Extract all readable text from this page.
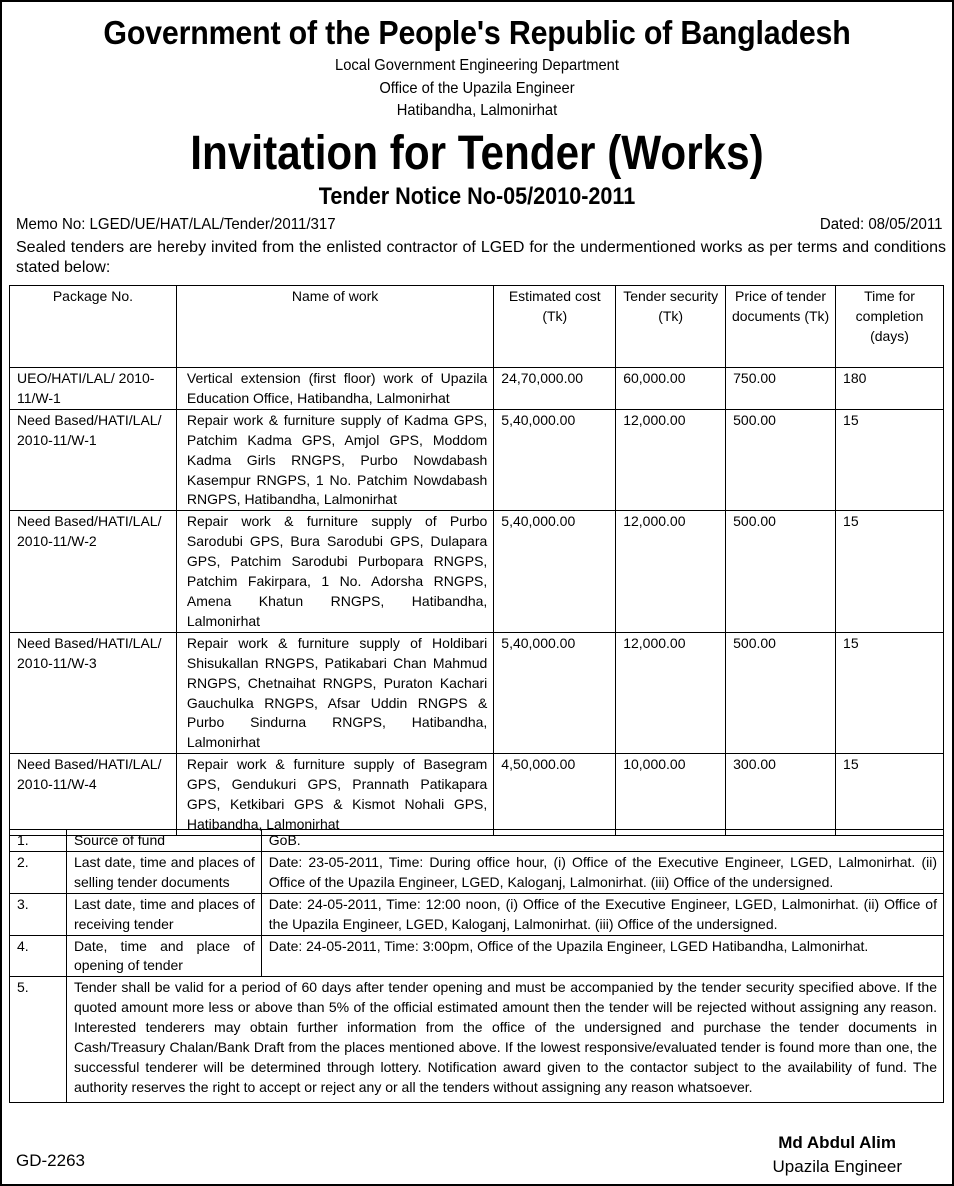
Government of the People's Republic of Bangladesh
Local Government Engineering Department
Office of the Upazila Engineer
Hatibandha, Lalmonirhat
Invitation for Tender (Works)
Tender Notice No-05/2010-2011
Memo No: LGED/UE/HAT/LAL/Tender/2011/317	Dated: 08/05/2011
Sealed tenders are hereby invited from the enlisted contractor of LGED for the undermentioned works as per terms and conditions stated below:
Package No.	Name of work	Estimated cost (Tk)	Tender security (Tk)	Price of tender documents (Tk)	Time for completion (days)
UEO/HATI/LAL/ 2010-11/W-1	Vertical extension (first floor) work of Upazila Education Office, Hatibandha, Lalmonirhat	24,70,000.00	60,000.00	750.00	180
Need Based/HATI/LAL/ 2010-11/W-1	Repair work & furniture supply of Kadma GPS, Patchim Kadma GPS, Amjol GPS, Moddom Kadma Girls RNGPS, Purbo Nowdabash Kasempur RNGPS, 1 No. Patchim Nowdabash RNGPS, Hatibandha, Lalmonirhat	5,40,000.00	12,000.00	500.00	15
Need Based/HATI/LAL/ 2010-11/W-2	Repair work & furniture supply of Purbo Sarodubi GPS, Bura Sarodubi GPS, Dulapara GPS, Patchim Sarodubi Purbopara RNGPS, Patchim Fakirpara, 1 No. Adorsha RNGPS, Amena Khatun RNGPS, Hatibandha, Lalmonirhat	5,40,000.00	12,000.00	500.00	15
Need Based/HATI/LAL/ 2010-11/W-3	Repair work & furniture supply of Holdibari Shisukallan RNGPS, Patikabari Chan Mahmud RNGPS, Chetnaihat RNGPS, Puraton Kachari Gauchulka RNGPS, Afsar Uddin RNGPS & Purbo Sindurna RNGPS, Hatibandha, Lalmonirhat	5,40,000.00	12,000.00	500.00	15
Need Based/HATI/LAL/ 2010-11/W-4	Repair work & furniture supply of Basegram GPS, Gendukuri GPS, Prannath Patikapara GPS, Ketkibari GPS & Kismot Nohali GPS, Hatibandha, Lalmonirhat	4,50,000.00	10,000.00	300.00	15
1.	Source of fund	GoB.
2.	Last date, time and places of selling tender documents	Date: 23-05-2011, Time: During office hour, (i) Office of the Executive Engineer, LGED, Lalmonirhat. (ii) Office of the Upazila Engineer, LGED, Kaloganj, Lalmonirhat. (iii) Office of the undersigned.
3.	Last date, time and places of receiving tender	Date: 24-05-2011, Time: 12:00 noon, (i) Office of the Executive Engineer, LGED, Lalmonirhat. (ii) Office of the Upazila Engineer, LGED, Kaloganj, Lalmonirhat. (iii) Office of the undersigned.
4.	Date, time and place of opening of tender	Date: 24-05-2011, Time: 3:00pm, Office of the Upazila Engineer, LGED Hatibandha, Lalmonirhat.
5.	Tender shall be valid for a period of 60 days after tender opening and must be accompanied by the tender security specified above. If the quoted amount more less or above than 5% of the official estimated amount then the tender will be rejected without assigning any reason. Interested tenderers may obtain further information from the office of the undersigned and purchase the tender documents in Cash/Treasury Chalan/Bank Draft from the places mentioned above. If the lowest responsive/evaluated tender is found more than one, the successful tenderer will be determined through lottery. Notification award given to the contactor subject to the availability of fund. The authority reserves the right to accept or reject any or all the tenders without assigning any reason whatsoever.	
GD-2263
Md Abdul Alim
Upazila Engineer
